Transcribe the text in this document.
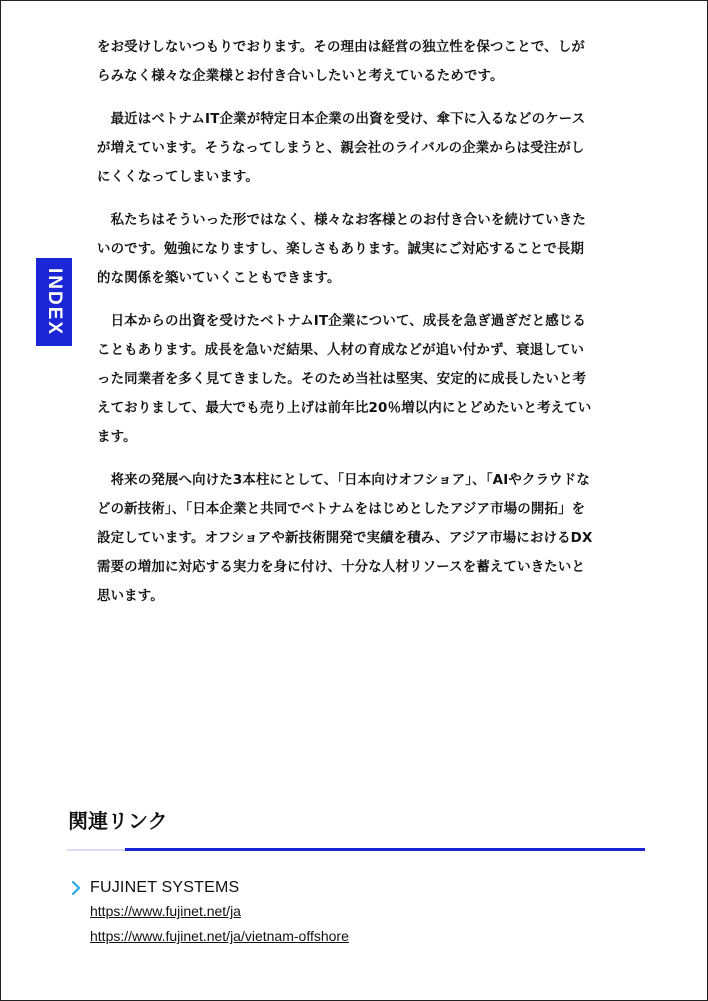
をお受けしないつもりでおります。その理由は経営の独立性を保つことで、しが
らみなく様々な企業様とお付き合いしたいと考えているためです。

　最近はベトナムIT企業が特定日本企業の出資を受け、傘下に入るなどのケース
が増えています。そうなってしまうと、親会社のライバルの企業からは受注がし
にくくなってしまいます。

　私たちはそういった形ではなく、様々なお客様とのお付き合いを続けていきた
いのです。勉強になりますし、楽しさもあります。誠実にご対応することで長期
的な関係を築いていくこともできます。

　日本からの出資を受けたベトナムIT企業について、成長を急ぎ過ぎだと感じる
こともあります。成長を急いだ結果、人材の育成などが追い付かず、衰退してい
った同業者を多く見てきました。そのため当社は堅実、安定的に成長したいと考
えておりまして、最大でも売り上げは前年比20％増以内にとどめたいと考えてい
ます。

　将来の発展へ向けた3本柱にとして、「日本向けオフショア」、「AIやクラウドな
どの新技術」、「日本企業と共同でベトナムをはじめとしたアジア市場の開拓」を
設定しています。オフショアや新技術開発で実績を積み、アジア市場におけるDX
需要の増加に対応する実力を身に付け、十分な人材リソースを蓄えていきたいと
思います。

INDEX
関連リンク
FUJINET SYSTEMS
https://www.fujinet.net/ja
https://www.fujinet.net/ja/vietnam-offshore
